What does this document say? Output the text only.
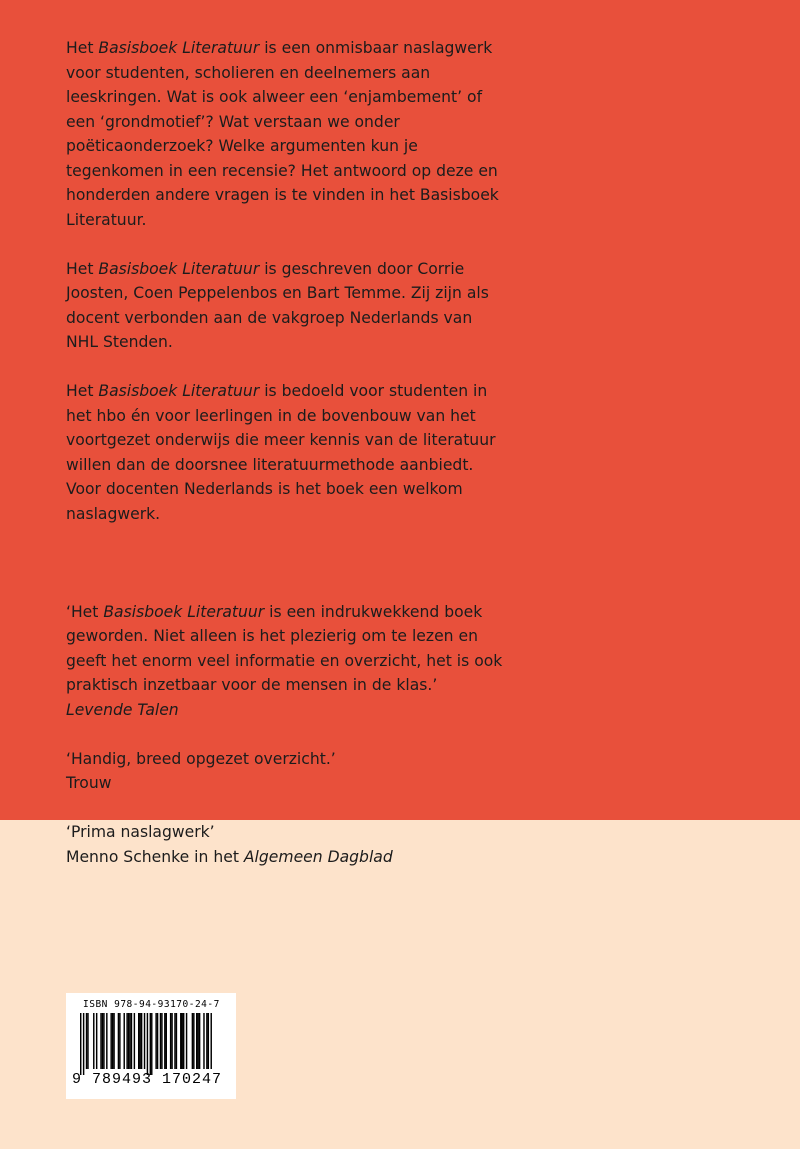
Het Basisboek Literatuur is een onmisbaar naslagwerk voor studenten, scholieren en deelnemers aan leeskringen. Wat is ook alweer een ‘enjambement’ of een ‘grondmotief’? Wat verstaan we onder poëticaonderzoek? Welke argumenten kun je tegenkomen in een recensie? Het antwoord op deze en honderden andere vragen is te vinden in het Basisboek Literatuur.

Het Basisboek Literatuur is geschreven door Corrie Joosten, Coen Peppelenbos en Bart Temme. Zij zijn als docent verbonden aan de vakgroep Nederlands van NHL Stenden.

Het Basisboek Literatuur is bedoeld voor studenten in het hbo én voor leerlingen in de bovenbouw van het voortgezet onderwijs die meer kennis van de literatuur willen dan de doorsnee literatuurmethode aanbiedt. Voor docenten Nederlands is het boek een welkom naslagwerk.

‘Het Basisboek Literatuur is een indrukwekkend boek geworden. Niet alleen is het plezierig om te lezen en geeft het enorm veel informatie en overzicht, het is ook praktisch inzetbaar voor de mensen in de klas.’
Levende Talen

‘Handig, breed opgezet overzicht.’
Trouw

‘Prima naslagwerk’
Menno Schenke in het Algemeen Dagblad

ISBN 978-94-93170-24-7
9 789493 170247
